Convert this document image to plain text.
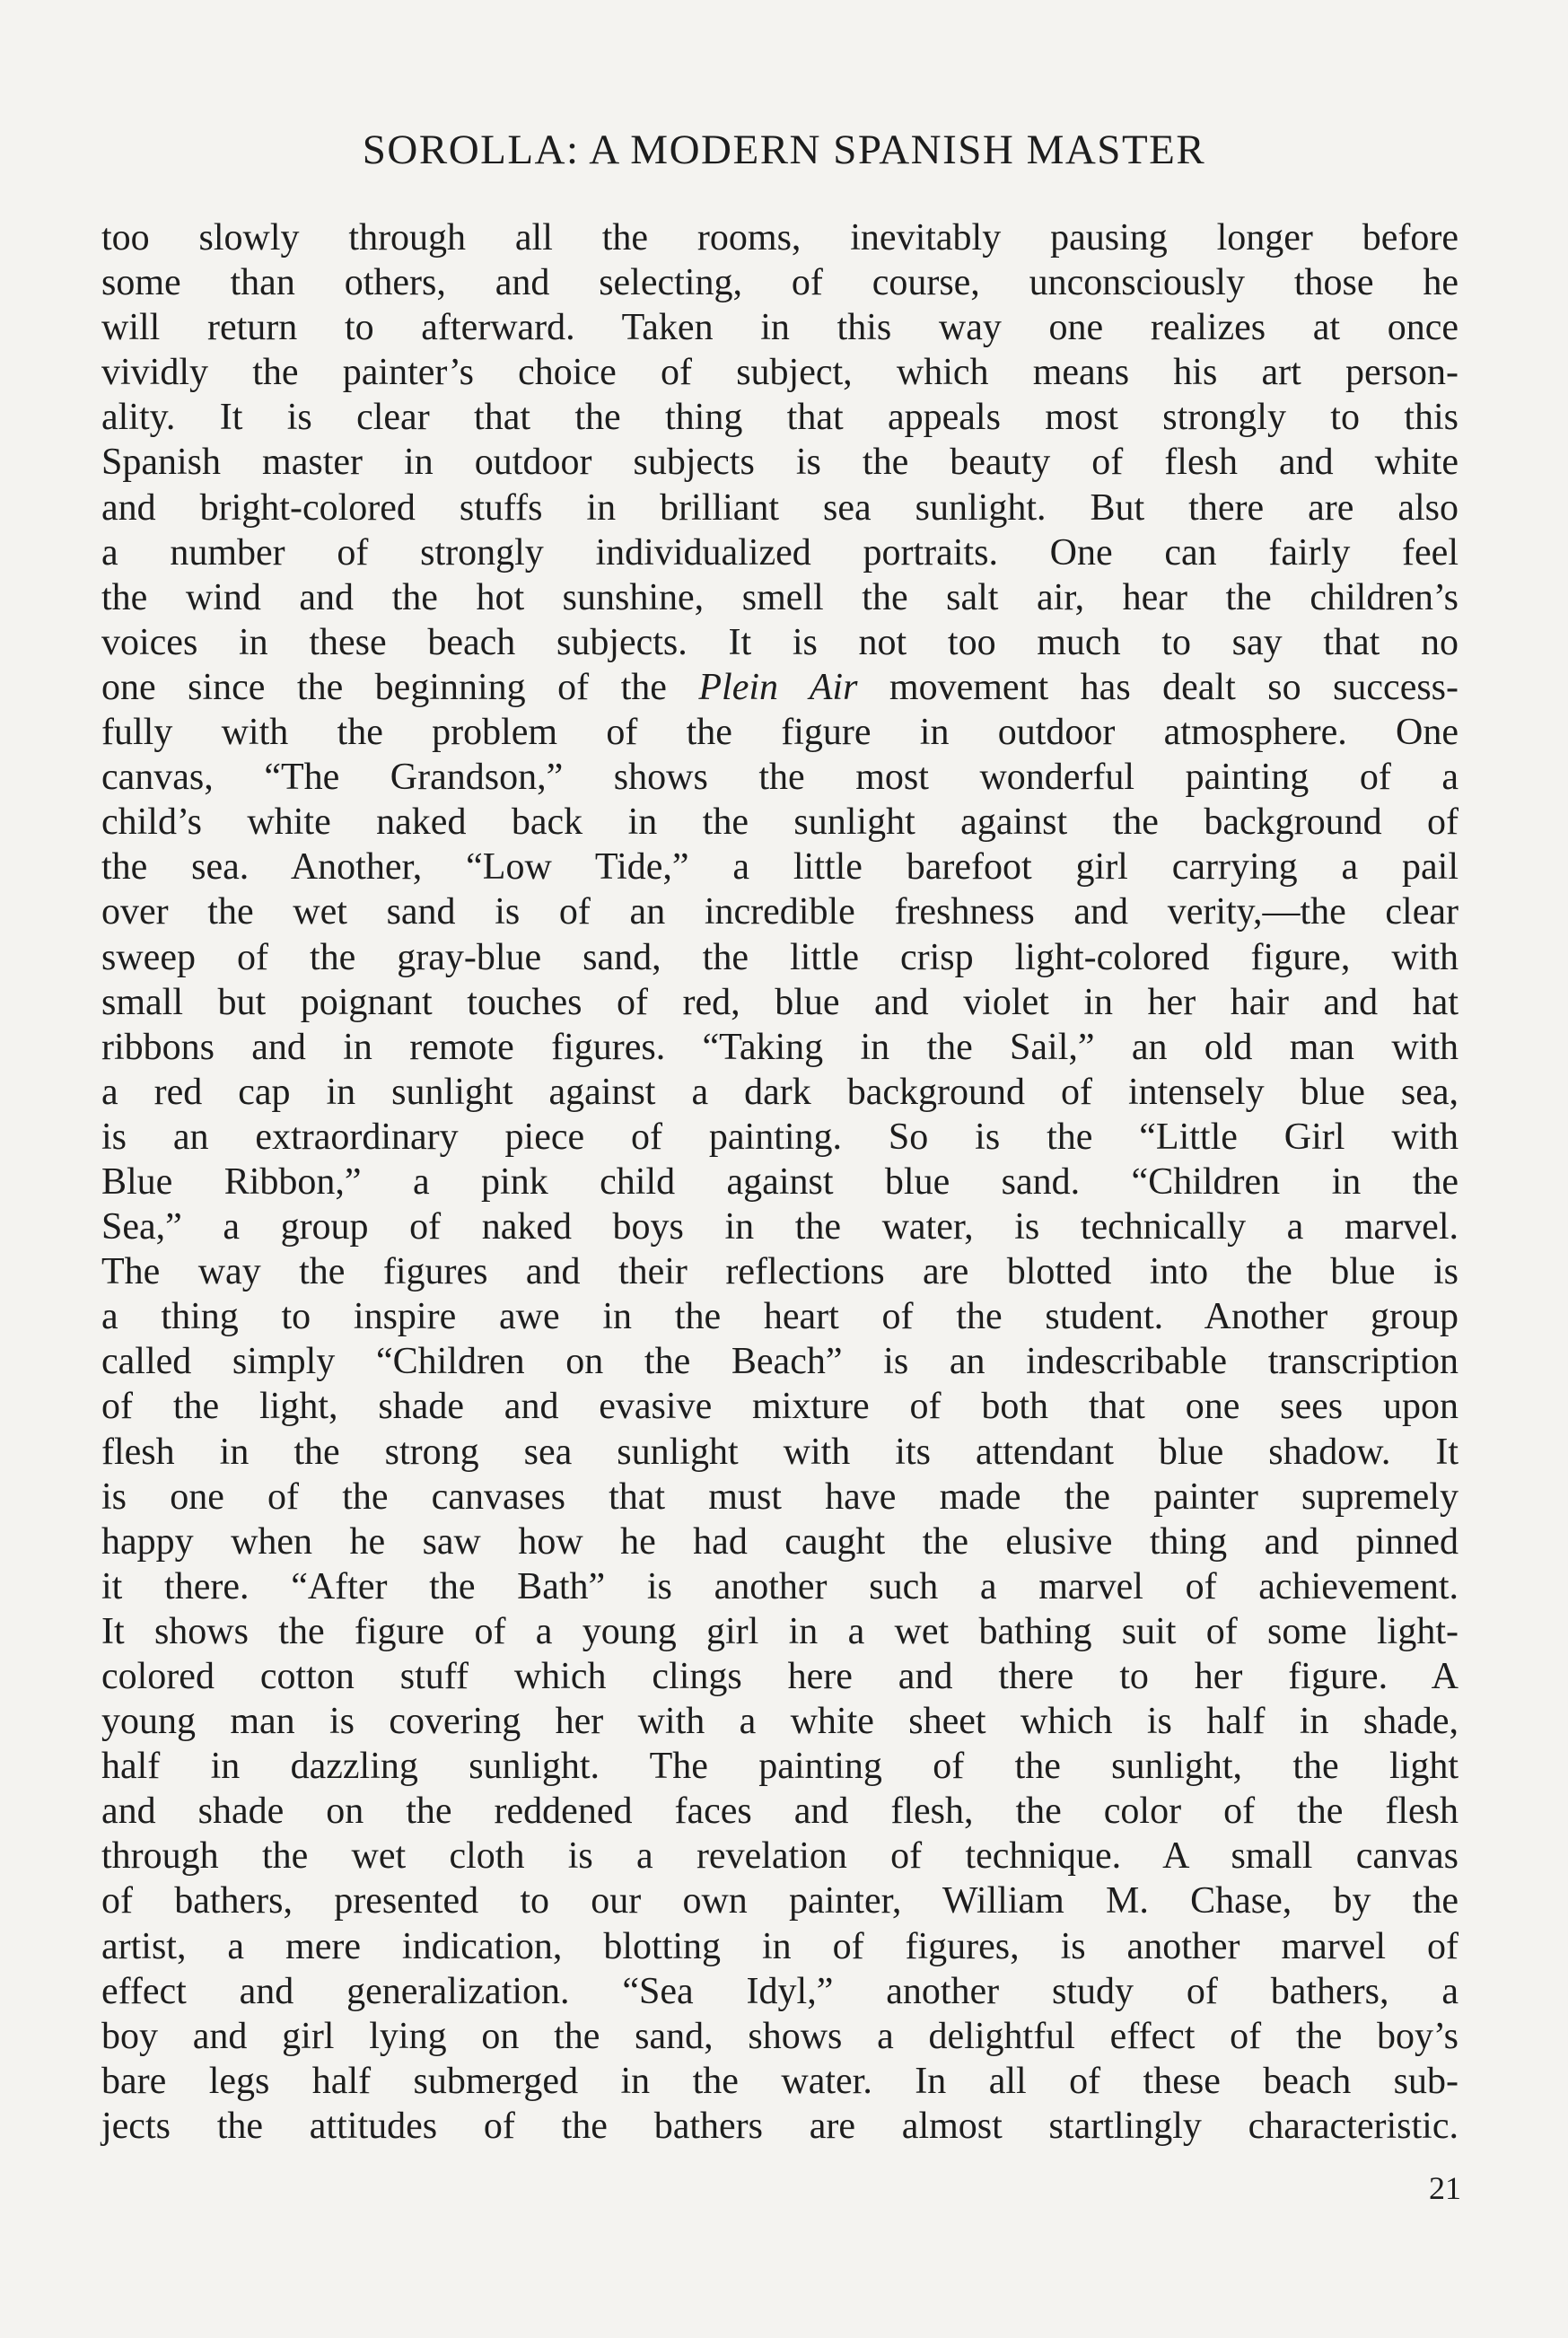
SOROLLA: A MODERN SPANISH MASTER
too slowly through all the rooms, inevitably pausing longer before
some than others, and selecting, of course, unconsciously those he
will return to afterward. Taken in this way one realizes at once
vividly the painter’s choice of subject, which means his art person-
ality. It is clear that the thing that appeals most strongly to this
Spanish master in outdoor subjects is the beauty of flesh and white
and bright-colored stuffs in brilliant sea sunlight. But there are also
a number of strongly individualized portraits. One can fairly feel
the wind and the hot sunshine, smell the salt air, hear the children’s
voices in these beach subjects. It is not too much to say that no
one since the beginning of the Plein Air movement has dealt so success-
fully with the problem of the figure in outdoor atmosphere. One
canvas, “The Grandson,” shows the most wonderful painting of a
child’s white naked back in the sunlight against the background of
the sea. Another, “Low Tide,” a little barefoot girl carrying a pail
over the wet sand is of an incredible freshness and verity,—the clear
sweep of the gray-blue sand, the little crisp light-colored figure, with
small but poignant touches of red, blue and violet in her hair and hat
ribbons and in remote figures. “Taking in the Sail,” an old man with
a red cap in sunlight against a dark background of intensely blue sea,
is an extraordinary piece of painting. So is the “Little Girl with
Blue Ribbon,” a pink child against blue sand. “Children in the
Sea,” a group of naked boys in the water, is technically a marvel.
The way the figures and their reflections are blotted into the blue is
a thing to inspire awe in the heart of the student. Another group
called simply “Children on the Beach” is an indescribable transcription
of the light, shade and evasive mixture of both that one sees upon
flesh in the strong sea sunlight with its attendant blue shadow. It
is one of the canvases that must have made the painter supremely
happy when he saw how he had caught the elusive thing and pinned
it there. “After the Bath” is another such a marvel of achievement.
It shows the figure of a young girl in a wet bathing suit of some light-
colored cotton stuff which clings here and there to her figure. A
young man is covering her with a white sheet which is half in shade,
half in dazzling sunlight. The painting of the sunlight, the light
and shade on the reddened faces and flesh, the color of the flesh
through the wet cloth is a revelation of technique. A small canvas
of bathers, presented to our own painter, William M. Chase, by the
artist, a mere indication, blotting in of figures, is another marvel of
effect and generalization. “Sea Idyl,” another study of bathers, a
boy and girl lying on the sand, shows a delightful effect of the boy’s
bare legs half submerged in the water. In all of these beach sub-
jects the attitudes of the bathers are almost startlingly characteristic.
21
